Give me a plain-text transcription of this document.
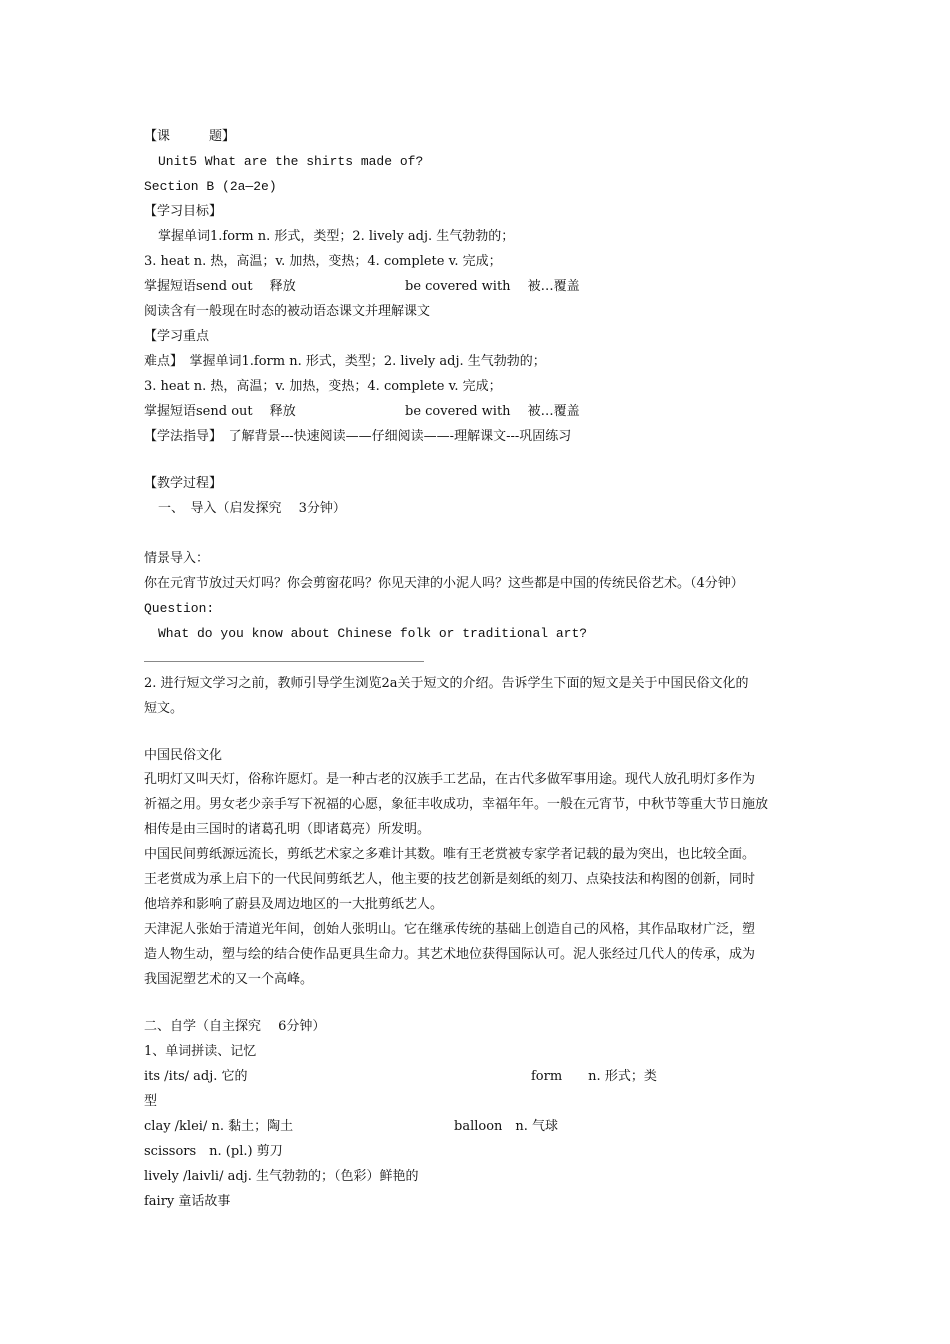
【课　　　题】
Unit5 What are the shirts made of?
Section B (2a—2e)
【学习目标】
掌握单词1.form n. 形式，类型；2. lively adj. 生气勃勃的；
3. heat n. 热，高温；v. 加热，变热；4. complete v. 完成；
掌握短语send out　 释放	be covered with　 被…覆盖
阅读含有一般现在时态的被动语态课文并理解课文
【学习重点
难点】　掌握单词1.form n. 形式，类型；2. lively adj. 生气勃勃的；
3. heat n. 热，高温；v. 加热，变热；4. complete v. 完成；
掌握短语send out　 释放	be covered with　 被…覆盖
【学法指导】　了解背景---快速阅读——仔细阅读——-理解课文---巩固练习
【教学过程】
一、　导入（启发探究　 3分钟）
情景导入：
你在元宵节放过天灯吗？你会剪窗花吗？你见天津的小泥人吗？这些都是中国的传统民俗艺术。（4分钟）
Question:
What do you know about Chinese folk or traditional art?
2. 进行短文学习之前，教师引导学生浏览2a关于短文的介绍。告诉学生下面的短文是关于中国民俗文化的
短文。
中国民俗文化
孔明灯又叫天灯，俗称许愿灯。是一种古老的汉族手工艺品，在古代多做军事用途。现代人放孔明灯多作为
祈福之用。男女老少亲手写下祝福的心愿，象征丰收成功，幸福年年。一般在元宵节，中秋节等重大节日施放
相传是由三国时的诸葛孔明（即诸葛亮）所发明。
中国民间剪纸源远流长，剪纸艺术家之多难计其数。唯有王老赏被专家学者记载的最为突出，也比较全面。
王老赏成为承上启下的一代民间剪纸艺人，他主要的技艺创新是刻纸的刻刀、点染技法和构图的创新，同时
他培养和影响了蔚县及周边地区的一大批剪纸艺人。
天津泥人张始于清道光年间，创始人张明山。它在继承传统的基础上创造自己的风格，其作品取材广泛，塑
造人物生动，塑与绘的结合使作品更具生命力。其艺术地位获得国际认可。泥人张经过几代人的传承，成为
我国泥塑艺术的又一个高峰。
二、自学（自主探究　 6分钟）
1、单词拼读、记忆
its /its/ adj. 它的	form　　n. 形式；类
型
clay /klei/ n. 黏土；陶土	balloon　n. 气球
scissors　n. (pl.) 剪刀
lively /laivli/ adj. 生气勃勃的；（色彩）鲜艳的
fairy 童话故事
